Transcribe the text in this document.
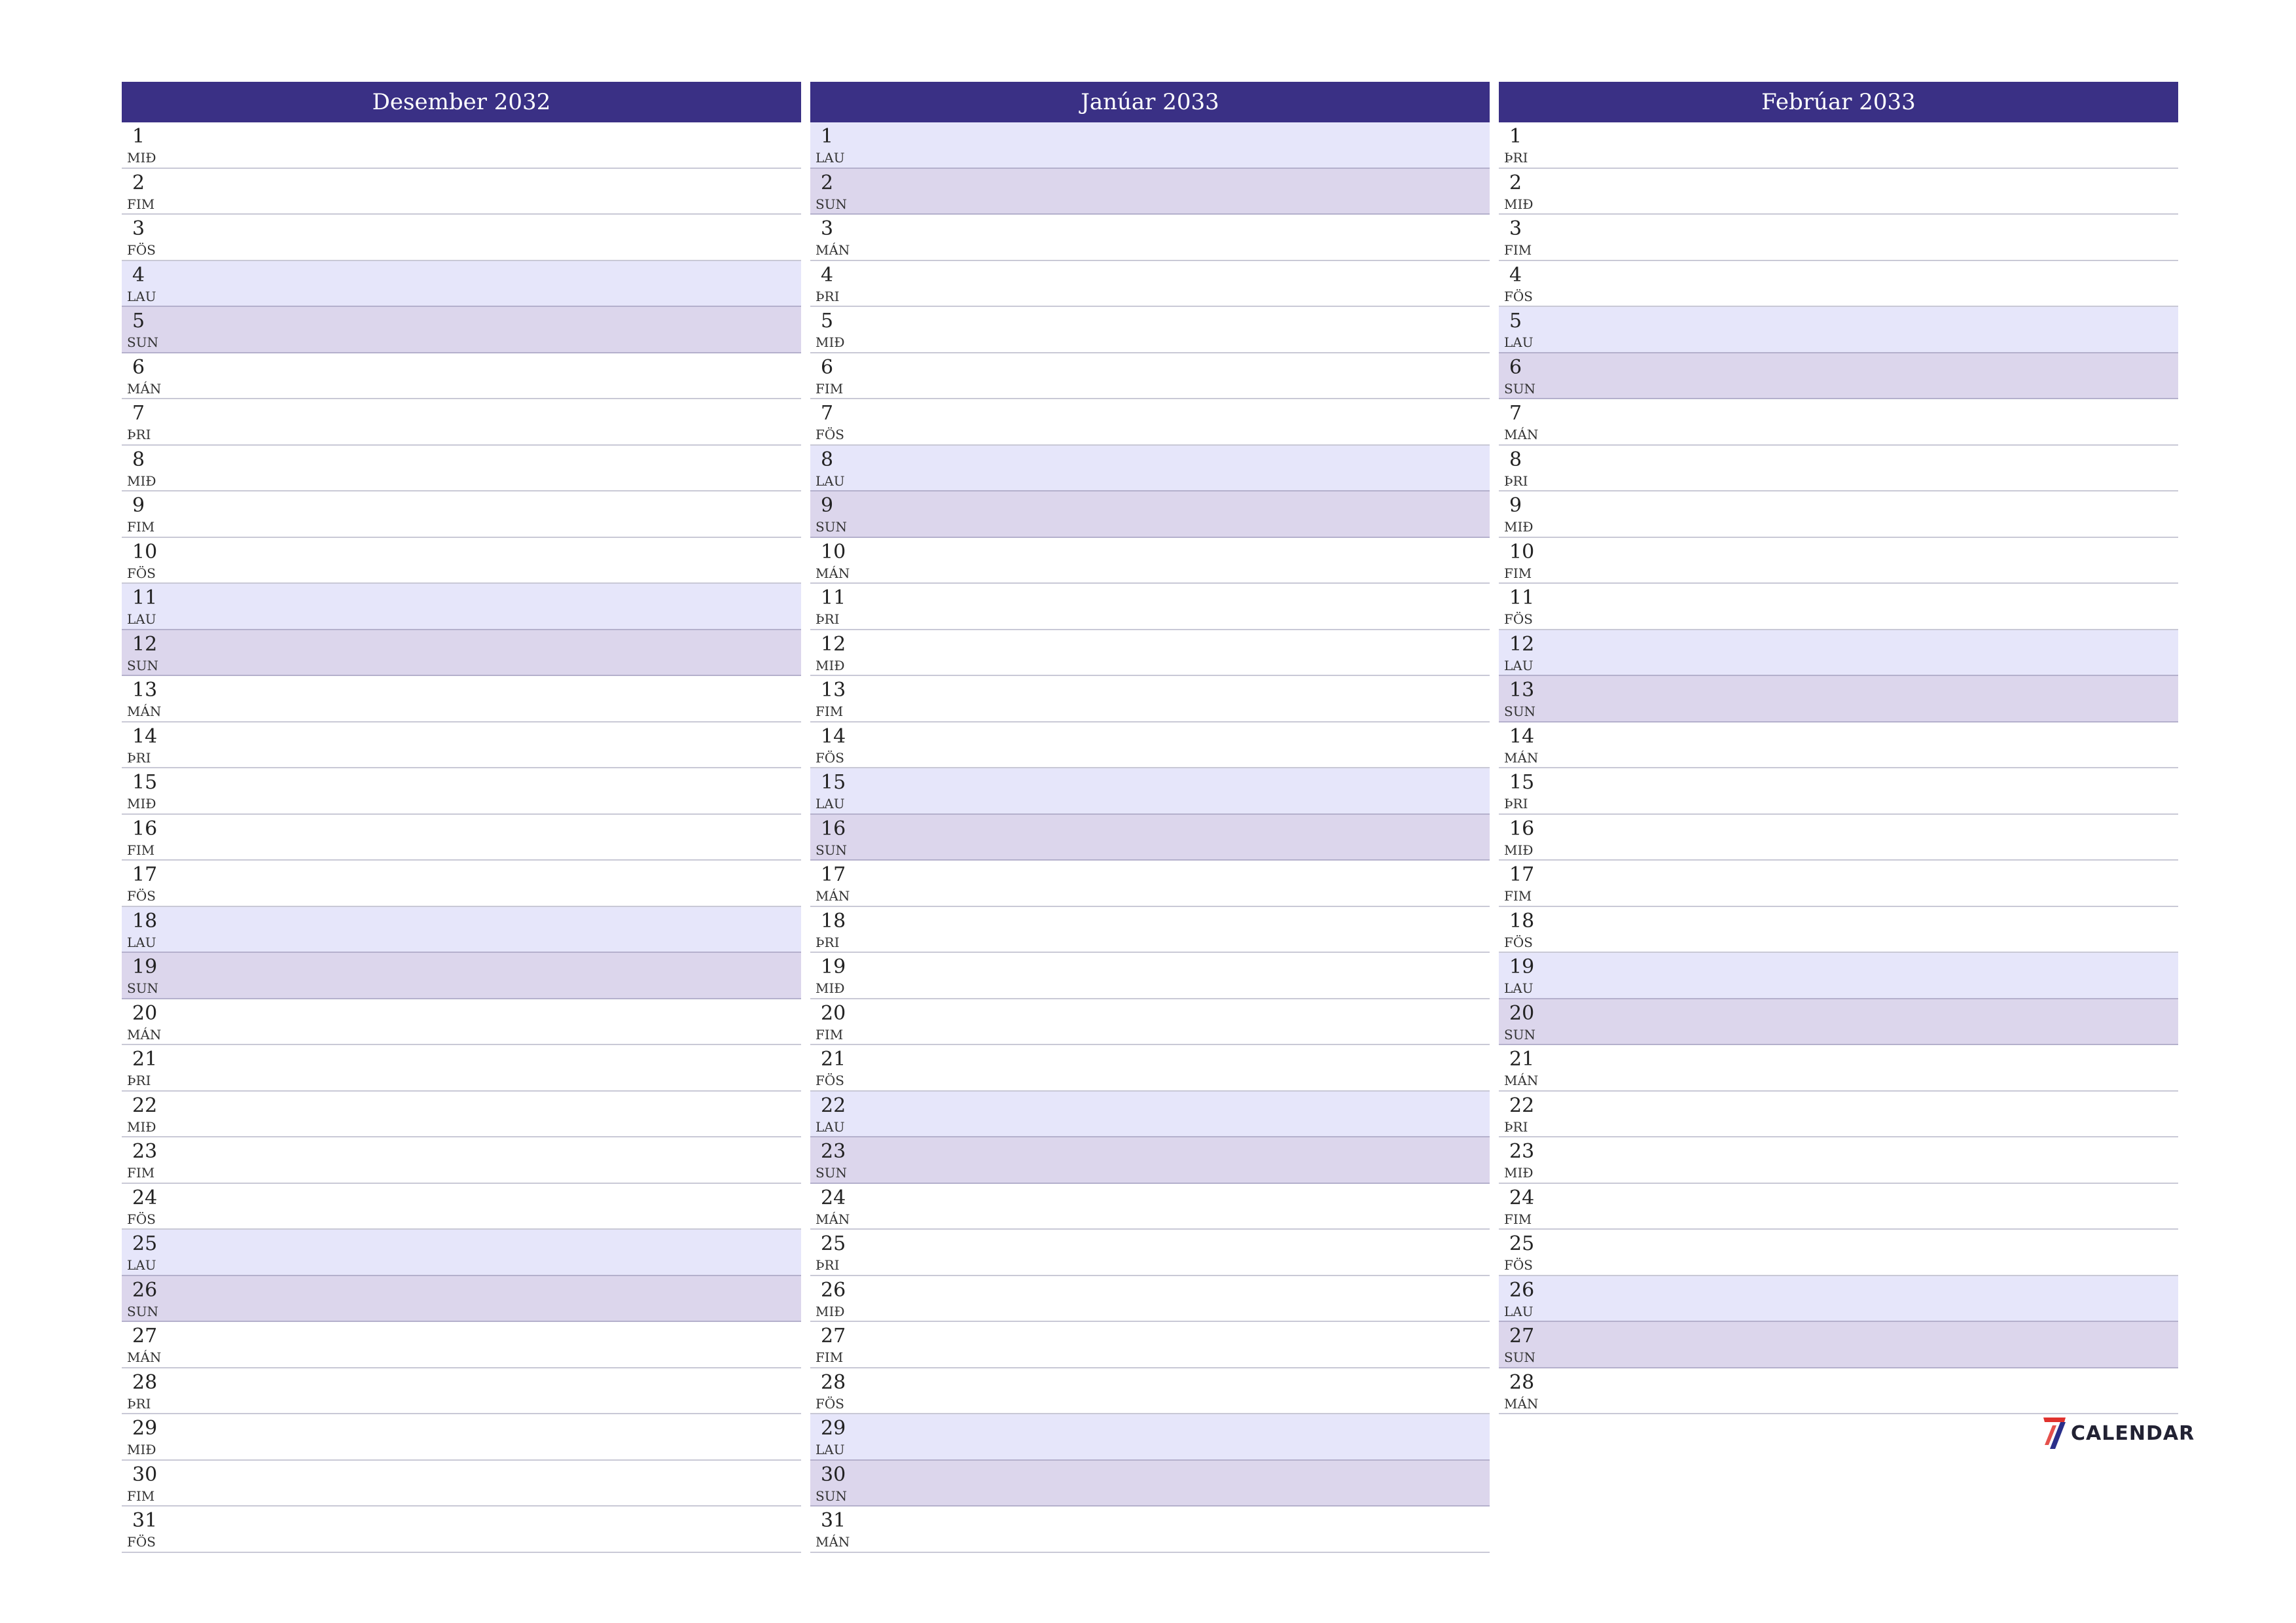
Desember 2032
1
MIÐ
2
FIM
3
FÖS
4
LAU
5
SUN
6
MÁN
7
ÞRI
8
MIÐ
9
FIM
10
FÖS
11
LAU
12
SUN
13
MÁN
14
ÞRI
15
MIÐ
16
FIM
17
FÖS
18
LAU
19
SUN
20
MÁN
21
ÞRI
22
MIÐ
23
FIM
24
FÖS
25
LAU
26
SUN
27
MÁN
28
ÞRI
29
MIÐ
30
FIM
31
FÖS
Janúar 2033
1
LAU
2
SUN
3
MÁN
4
ÞRI
5
MIÐ
6
FIM
7
FÖS
8
LAU
9
SUN
10
MÁN
11
ÞRI
12
MIÐ
13
FIM
14
FÖS
15
LAU
16
SUN
17
MÁN
18
ÞRI
19
MIÐ
20
FIM
21
FÖS
22
LAU
23
SUN
24
MÁN
25
ÞRI
26
MIÐ
27
FIM
28
FÖS
29
LAU
30
SUN
31
MÁN
Febrúar 2033
1
ÞRI
2
MIÐ
3
FIM
4
FÖS
5
LAU
6
SUN
7
MÁN
8
ÞRI
9
MIÐ
10
FIM
11
FÖS
12
LAU
13
SUN
14
MÁN
15
ÞRI
16
MIÐ
17
FIM
18
FÖS
19
LAU
20
SUN
21
MÁN
22
ÞRI
23
MIÐ
24
FIM
25
FÖS
26
LAU
27
SUN
28
MÁN
CALENDAR
